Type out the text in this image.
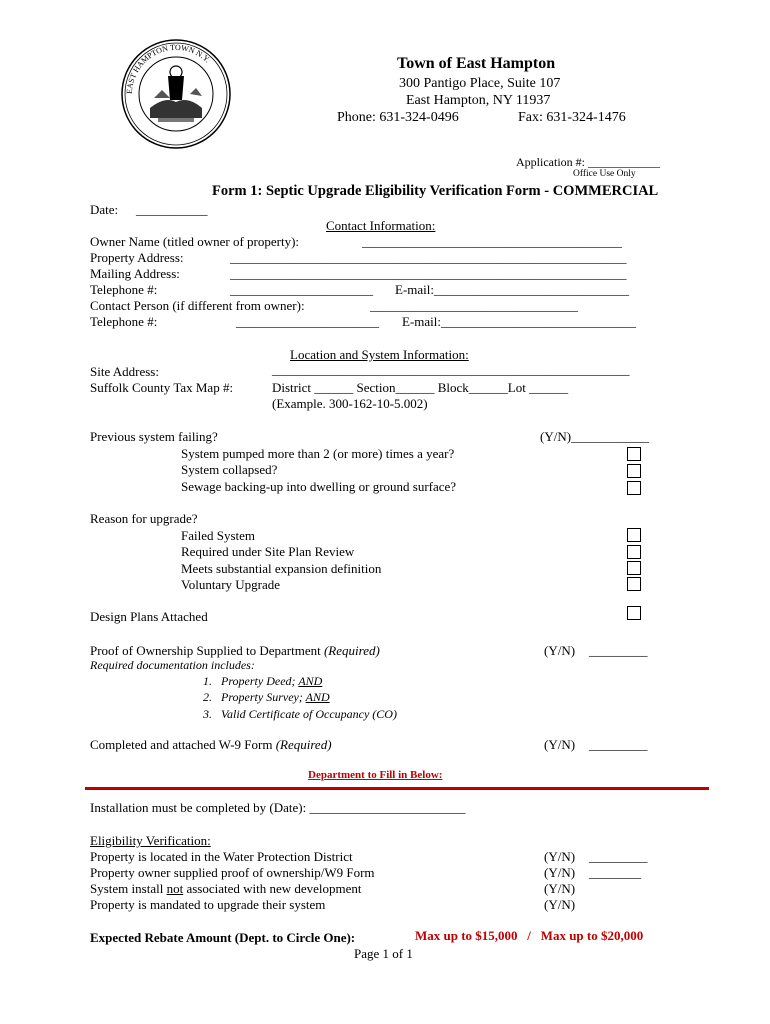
EAST HAMPTON TOWN N.Y.	Town of East Hampton
300 Pantigo Place, Suite 107
East Hampton, NY 11937
Phone: 631-324-0496	Fax: 631-324-1476
Application #: ____________
Office Use Only
Form 1: Septic Upgrade Eligibility Verification Form - COMMERCIAL
Date: ___________
Contact Information:
Owner Name (titled owner of property):	________________________________________
Property Address:	_____________________________________________________________
Mailing Address:	_____________________________________________________________
Telephone #:	______________________ E-mail:______________________________
Contact Person (if different from owner):	________________________________
Telephone #:	______________________ E-mail:______________________________
Location and System Information:
Site Address:	_______________________________________________________
Suffolk County Tax Map #:	District ______ Section______ Block______Lot ______
(Example. 300-162-10-5.002)
Previous system failing?	(Y/N)____________
System pumped more than 2 (or more) times a year?
System collapsed?
Sewage backing-up into dwelling or ground surface?
Reason for upgrade?
Failed System
Required under Site Plan Review
Meets substantial expansion definition
Voluntary Upgrade
Design Plans Attached
Proof of Ownership Supplied to Department (Required)	(Y/N) _________
Required documentation includes:
1. Property Deed; AND
2. Property Survey; AND
3. Valid Certificate of Occupancy (CO)
Completed and attached W-9 Form (Required)	(Y/N) _________
Department to Fill in Below:
Installation must be completed by (Date): ________________________
Eligibility Verification:
Property is located in the Water Protection District	(Y/N) _________
Property owner supplied proof of ownership/W9 Form	(Y/N) ________
System install not associated with new development	(Y/N)
Property is mandated to upgrade their system	(Y/N)
Expected Rebate Amount (Dept. to Circle One):	Max up to $15,000   /   Max up to $20,000
Page 1 of 1
